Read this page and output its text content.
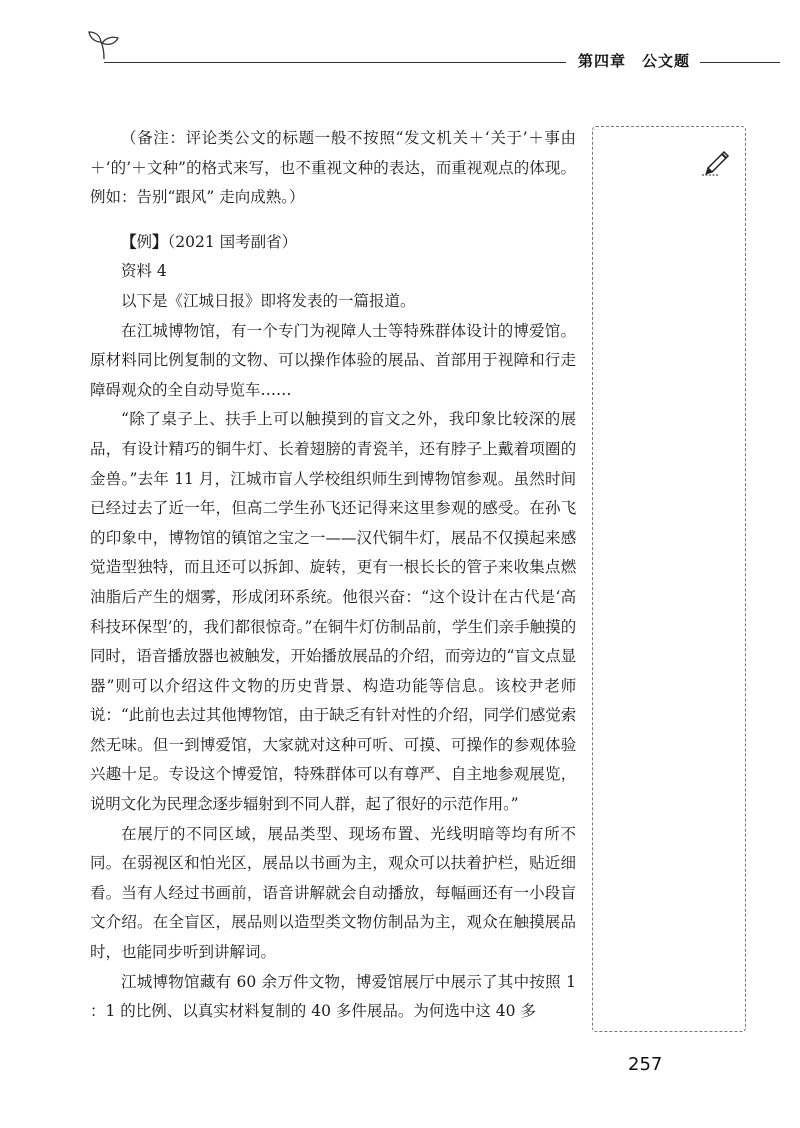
第四章 公文题

（备注：评论类公文的标题一般不按照“发文机关＋‘关于’＋事由＋‘的’＋文种”的格式来写，也不重视文种的表达，而重视观点的体现。例如：告别“跟风” 走向成熟。）

【例】（2021 国考副省）

资料 4

以下是《江城日报》即将发表的一篇报道。

在江城博物馆，有一个专门为视障人士等特殊群体设计的博爱馆。原材料同比例复制的文物、可以操作体验的展品、首部用于视障和行走障碍观众的全自动导览车……

“除了桌子上、扶手上可以触摸到的盲文之外，我印象比较深的展品，有设计精巧的铜牛灯、长着翅膀的青瓷羊，还有脖子上戴着项圈的金兽。”去年 11 月，江城市盲人学校组织师生到博物馆参观。虽然时间已经过去了近一年，但高二学生孙飞还记得来这里参观的感受。在孙飞的印象中，博物馆的镇馆之宝之一——汉代铜牛灯，展品不仅摸起来感觉造型独特，而且还可以拆卸、旋转，更有一根长长的管子来收集点燃油脂后产生的烟雾，形成闭环系统。他很兴奋：“这个设计在古代是‘高科技环保型’的，我们都很惊奇。”在铜牛灯仿制品前，学生们亲手触摸的同时，语音播放器也被触发，开始播放展品的介绍，而旁边的“盲文点显器”则可以介绍这件文物的历史背景、构造功能等信息。该校尹老师说：“此前也去过其他博物馆，由于缺乏有针对性的介绍，同学们感觉索然无味。但一到博爱馆，大家就对这种可听、可摸、可操作的参观体验兴趣十足。专设这个博爱馆，特殊群体可以有尊严、自主地参观展览，说明文化为民理念逐步辐射到不同人群，起了很好的示范作用。”

在展厅的不同区域，展品类型、现场布置、光线明暗等均有所不同。在弱视区和怕光区，展品以书画为主，观众可以扶着护栏，贴近细看。当有人经过书画前，语音讲解就会自动播放，每幅画还有一小段盲文介绍。在全盲区，展品则以造型类文物仿制品为主，观众在触摸展品时，也能同步听到讲解词。

江城博物馆藏有 60 余万件文物，博爱馆展厅中展示了其中按照 1 ：1 的比例、以真实材料复制的 40 多件展品。为何选中这 40 多

257
